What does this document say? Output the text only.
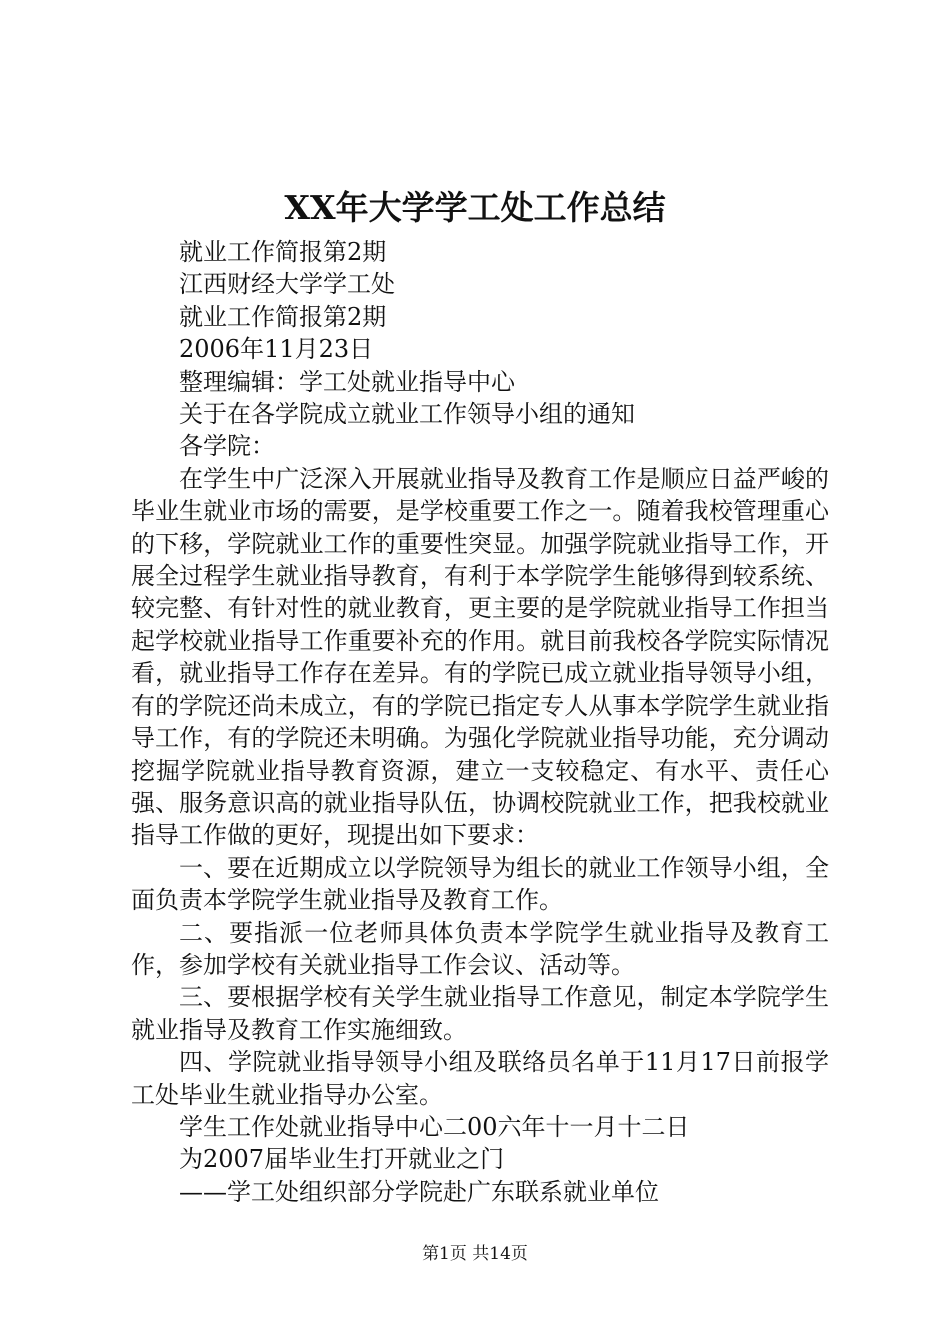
XX年大学学工处工作总结
就业工作简报第2期
江西财经大学学工处
就业工作简报第2期
2006年11月23日
整理编辑：学工处就业指导中心
关于在各学院成立就业工作领导小组的通知
各学院：

在学生中广泛深入开展就业指导及教育工作是顺应日益严峻的毕业生就业市场的需要，是学校重要工作之一。随着我校管理重心的下移，学院就业工作的重要性突显。加强学院就业指导工作，开展全过程学生就业指导教育，有利于本学院学生能够得到较系统、较完整、有针对性的就业教育，更主要的是学院就业指导工作担当起学校就业指导工作重要补充的作用。就目前我校各学院实际情况看，就业指导工作存在差异。有的学院已成立就业指导领导小组，有的学院还尚未成立，有的学院已指定专人从事本学院学生就业指导工作，有的学院还未明确。为强化学院就业指导功能，充分调动挖掘学院就业指导教育资源，建立一支较稳定、有水平、责任心强、服务意识高的就业指导队伍，协调校院就业工作，把我校就业指导工作做的更好，现提出如下要求：

一、要在近期成立以学院领导为组长的就业工作领导小组，全面负责本学院学生就业指导及教育工作。

二、要指派一位老师具体负责本学院学生就业指导及教育工作，参加学校有关就业指导工作会议、活动等。

三、要根据学校有关学生就业指导工作意见，制定本学院学生就业指导及教育工作实施细致。

四、学院就业指导领导小组及联络员名单于11月17日前报学工处毕业生就业指导办公室。

学生工作处就业指导中心二00六年十一月十二日
为2007届毕业生打开就业之门
——学工处组织部分学院赴广东联系就业单位
第1页 共14页
